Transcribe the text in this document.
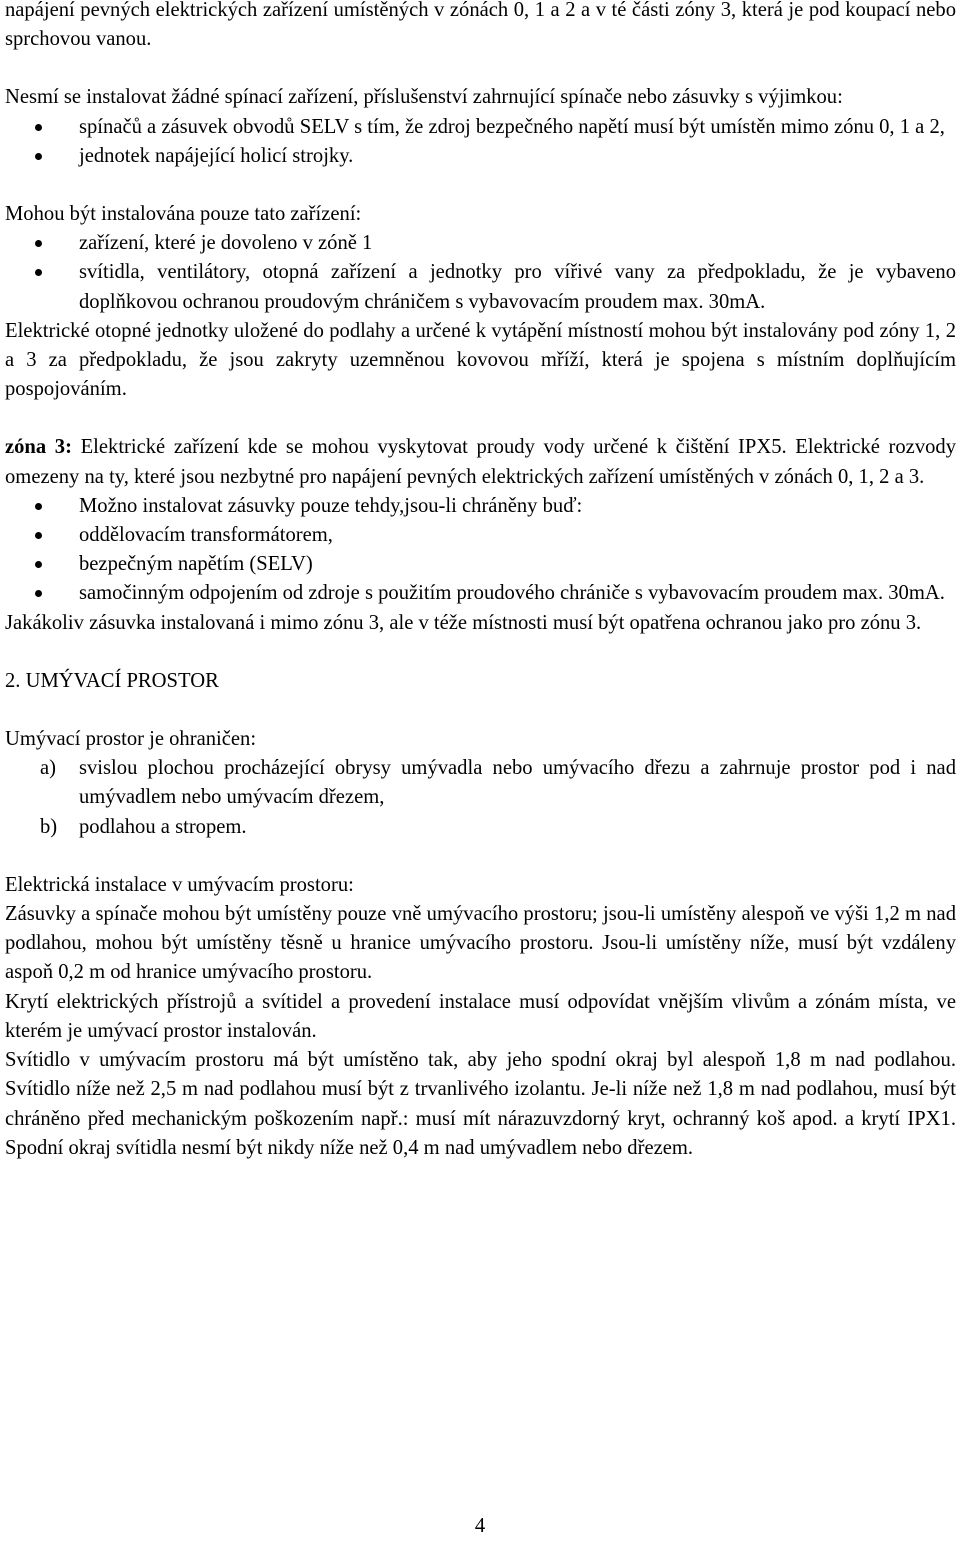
napájení pevných elektrických zařízení umístěných v zónách 0, 1 a 2 a v té části zóny 3, která je pod koupací nebo sprchovou vanou.

Nesmí se instalovat žádné spínací zařízení, příslušenství zahrnující spínače nebo zásuvky s výjimkou:

spínačů a zásuvek obvodů SELV s tím, že zdroj bezpečného napětí musí být umístěn mimo zónu 0, 1 a 2,
jednotek napájející holicí strojky.

Mohou být instalována pouze tato zařízení:

zařízení, které je dovoleno v zóně 1
svítidla, ventilátory, otopná zařízení a jednotky pro vířivé vany za předpokladu, že je vybaveno doplňkovou ochranou proudovým chráničem s vybavovacím proudem max. 30mA.

Elektrické otopné jednotky uložené do podlahy a určené k vytápění místností mohou být instalovány pod zóny 1, 2 a 3 za předpokladu, že jsou zakryty uzemněnou kovovou mříží, která je spojena s místním doplňujícím pospojováním.

zóna 3: Elektrické zařízení kde se mohou vyskytovat proudy vody určené k čištění IPX5. Elektrické rozvody omezeny na ty, které jsou nezbytné pro napájení pevných elektrických zařízení umístěných v zónách 0, 1, 2 a 3.

Možno instalovat zásuvky pouze tehdy,jsou-li chráněny buď:
oddělovacím transformátorem,
bezpečným napětím (SELV)
samočinným odpojením od zdroje s použitím proudového chrániče s vybavovacím proudem max. 30mA.

Jakákoliv zásuvka instalovaná i mimo zónu 3, ale v téže místnosti musí být opatřena ochranou jako pro zónu 3.

2. UMÝVACÍ PROSTOR

Umývací prostor je ohraničen:

a) svislou plochou procházející obrysy umývadla nebo umývacího dřezu a zahrnuje prostor pod i nad umývadlem nebo umývacím dřezem,
b) podlahou a stropem.

Elektrická instalace v umývacím prostoru:

Zásuvky a spínače mohou být umístěny pouze vně umývacího prostoru; jsou-li umístěny alespoň ve výši 1,2 m nad podlahou, mohou být umístěny těsně u hranice umývacího prostoru. Jsou-li umístěny níže, musí být vzdáleny aspoň 0,2 m od hranice umývacího prostoru.

Krytí elektrických přístrojů a svítidel a provedení instalace musí odpovídat vnějším vlivům a zónám místa, ve kterém je umývací prostor instalován.

Svítidlo v umývacím prostoru má být umístěno tak, aby jeho spodní okraj byl alespoň 1,8 m nad podlahou. Svítidlo níže než 2,5 m nad podlahou musí být z trvanlivého izolantu. Je-li níže než 1,8 m nad podlahou, musí být chráněno před mechanickým poškozením např.: musí mít nárazuvzdorný kryt, ochranný koš apod. a krytí IPX1. Spodní okraj svítidla nesmí být nikdy níže než 0,4 m nad umývadlem nebo dřezem.

4
